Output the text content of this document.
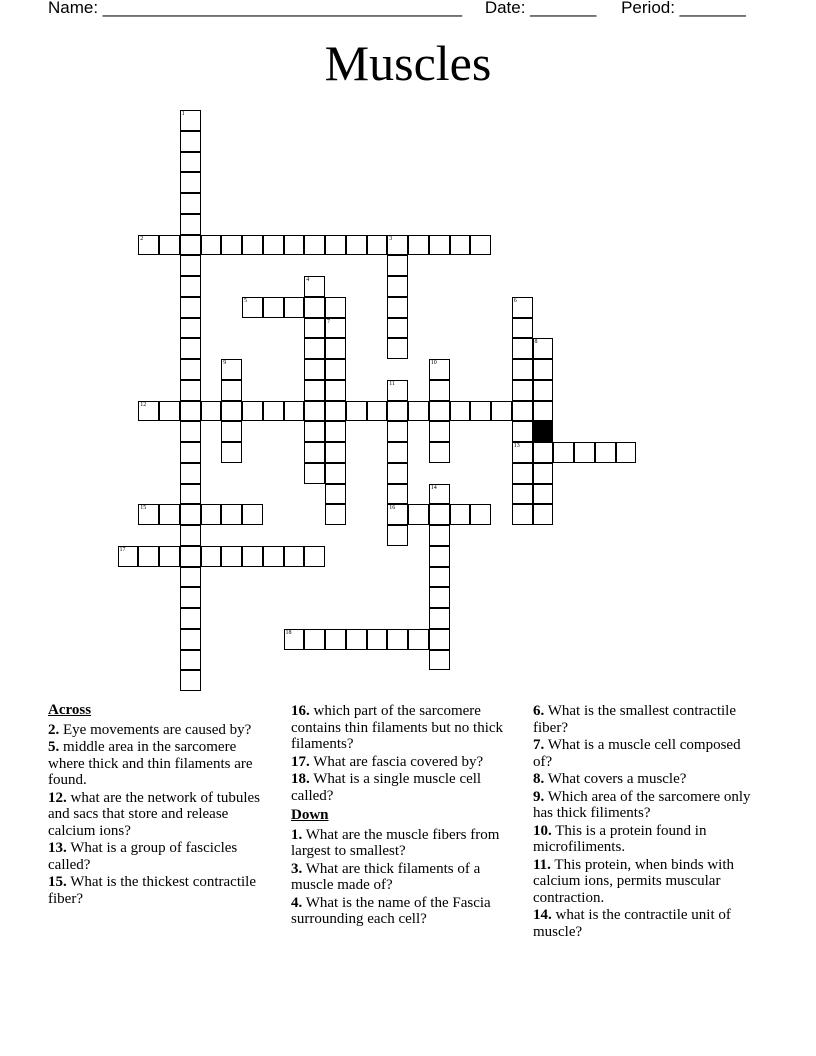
Name: ______________________________________ Date: _______ Period: _______
Muscles
1
2	3
4
5	6
13
7
8
9	10
11
16
12
14
15
17
18
Across
2. Eye movements are caused by?
5. middle area in the sarcomere where thick and thin filaments are found.
12. what are the network of tubules and sacs that store and release calcium ions?
13. What is a group of fascicles called?
15. What is the thickest contractile fiber?
16. which part of the sarcomere contains thin filaments but no thick filaments?
17. What are fascia covered by?
18. What is a single muscle cell called?
Down
1. What are the muscle fibers from largest to smallest?
3. What are thick filaments of a muscle made of?
4. What is the name of the Fascia surrounding each cell?
6. What is the smallest contractile fiber?
7. What is a muscle cell composed of?
8. What covers a muscle?
9. Which area of the sarcomere only has thick filiments?
10. This is a protein found in microfiliments.
11. This protein, when binds with calcium ions, permits muscular contraction.
14. what is the contractile unit of muscle?
